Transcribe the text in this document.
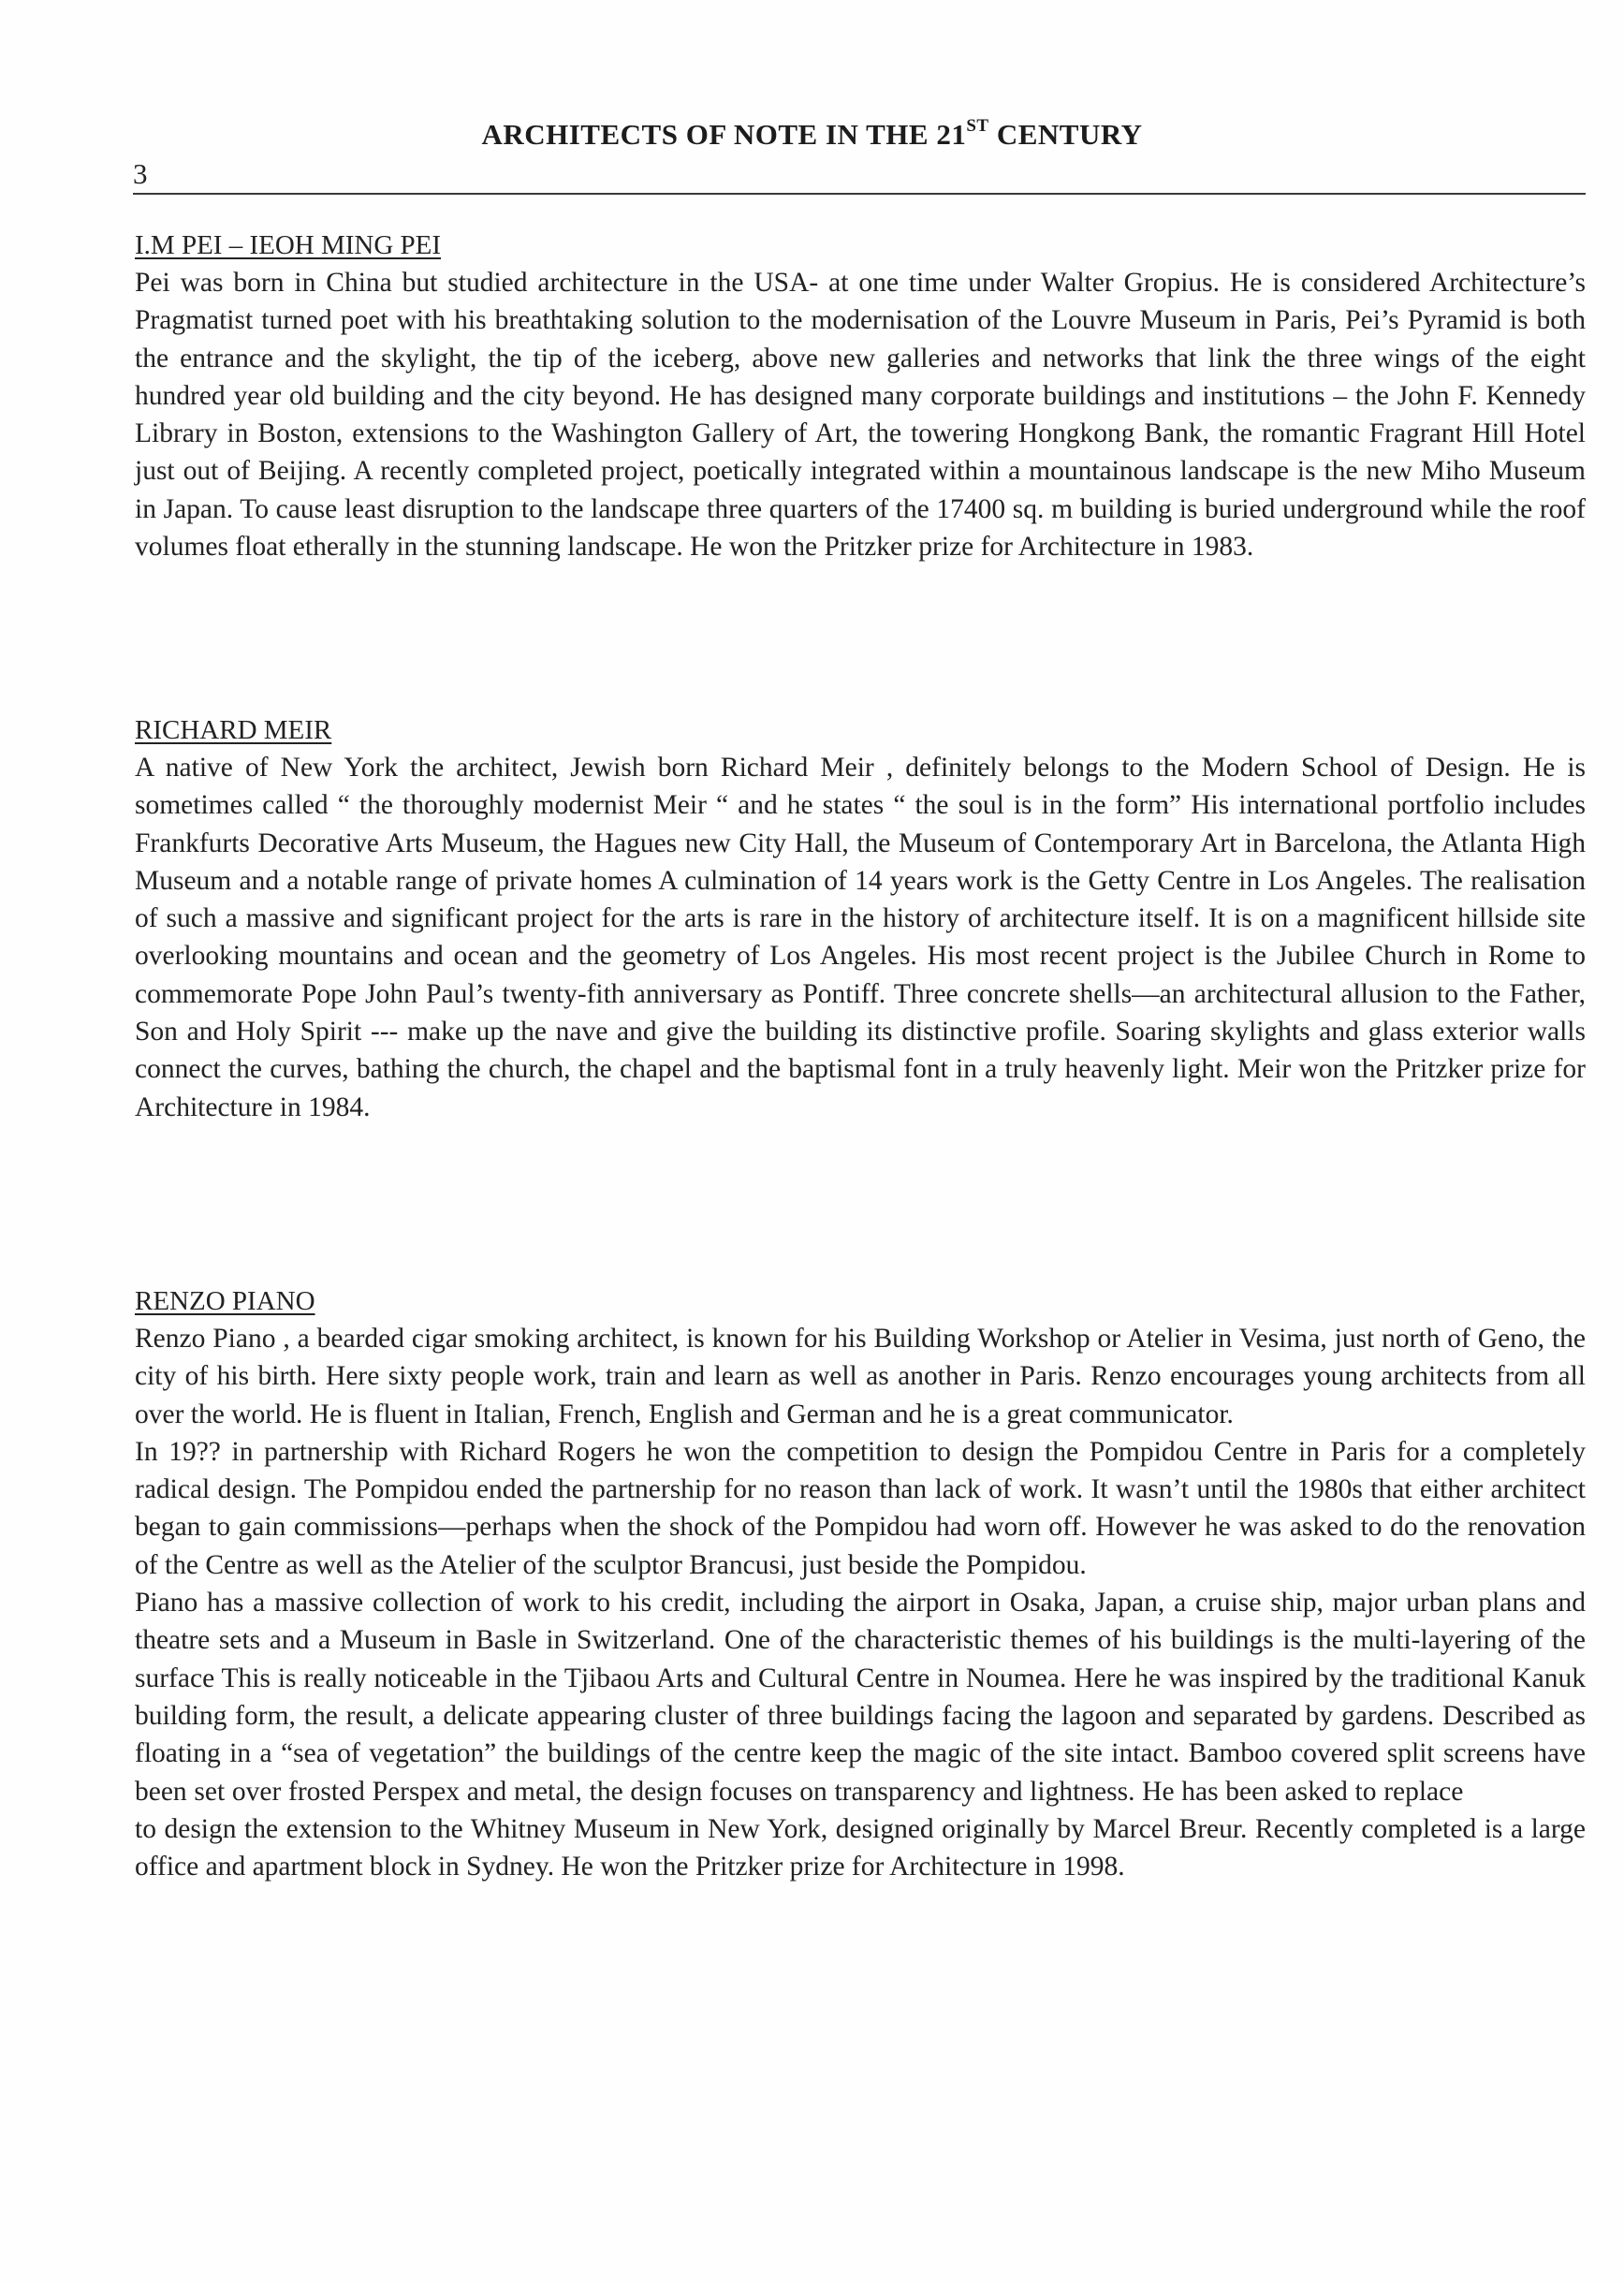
ARCHITECTS OF NOTE IN THE 21ST CENTURY
3
I.M PEI – IEOH MING PEI

Pei was born in China but studied architecture in the USA- at one time under Walter Gropius. He is considered Architecture’s Pragmatist turned poet with his breathtaking solution to the modernisation of the Louvre Museum in Paris, Pei’s Pyramid is both the entrance and the skylight, the tip of the iceberg, above new galleries and networks that link the three wings of the eight hundred year old building and the city beyond. He has designed many corporate buildings and institutions – the John F. Kennedy Library in Boston, extensions to the Washington Gallery of Art, the towering Hongkong Bank, the romantic Fragrant Hill Hotel just out of Beijing. A recently completed project, poetically integrated within a mountainous landscape is the new Miho Museum in Japan. To cause least disruption to the landscape three quarters of the 17400 sq. m building is buried underground while the roof volumes float etherally in the stunning landscape. He won the Pritzker prize for Architecture in 1983.

RICHARD MEIR

A native of New York the architect, Jewish born Richard Meir , definitely belongs to the Modern School of Design. He is sometimes called “ the thoroughly modernist Meir “ and he states “ the soul is in the form” His international portfolio includes Frankfurts Decorative Arts Museum, the Hagues new City Hall, the Museum of Contemporary Art in Barcelona, the Atlanta High Museum and a notable range of private homes A culmination of 14 years work is the Getty Centre in Los Angeles. The realisation of such a massive and significant project for the arts is rare in the history of architecture itself. It is on a magnificent hillside site overlooking mountains and ocean and the geometry of Los Angeles. His most recent project is the Jubilee Church in Rome to commemorate Pope John Paul’s twenty-fith anniversary as Pontiff. Three concrete shells—an architectural allusion to the Father, Son and Holy Spirit --- make up the nave and give the building its distinctive profile. Soaring skylights and glass exterior walls connect the curves, bathing the church, the chapel and the baptismal font in a truly heavenly light. Meir won the Pritzker prize for Architecture in 1984.

RENZO PIANO

Renzo Piano , a bearded cigar smoking architect, is known for his Building Workshop or Atelier in Vesima, just north of Geno, the city of his birth. Here sixty people work, train and learn as well as another in Paris. Renzo encourages young architects from all over the world. He is fluent in Italian, French, English and German and he is a great communicator.

In 19?? in partnership with Richard Rogers he won the competition to design the Pompidou Centre in Paris for a completely radical design. The Pompidou ended the partnership for no reason than lack of work. It wasn’t until the 1980s that either architect began to gain commissions—perhaps when the shock of the Pompidou had worn off. However he was asked to do the renovation of the Centre as well as the Atelier of the sculptor Brancusi, just beside the Pompidou.

Piano has a massive collection of work to his credit, including the airport in Osaka, Japan, a cruise ship, major urban plans and theatre sets and a Museum in Basle in Switzerland. One of the characteristic themes of his buildings is the multi-layering of the surface This is really noticeable in the Tjibaou Arts and Cultural Centre in Noumea. Here he was inspired by the traditional Kanuk building form, the result, a delicate appearing cluster of three buildings facing the lagoon and separated by gardens. Described as floating in a “sea of vegetation” the buildings of the centre keep the magic of the site intact. Bamboo covered split screens have been set over frosted Perspex and metal, the design focuses on transparency and lightness. He has been asked to replace                  to design the extension to the Whitney Museum in New York, designed originally by Marcel Breur. Recently completed is a large office and apartment block in Sydney. He won the Pritzker prize for Architecture in 1998.
